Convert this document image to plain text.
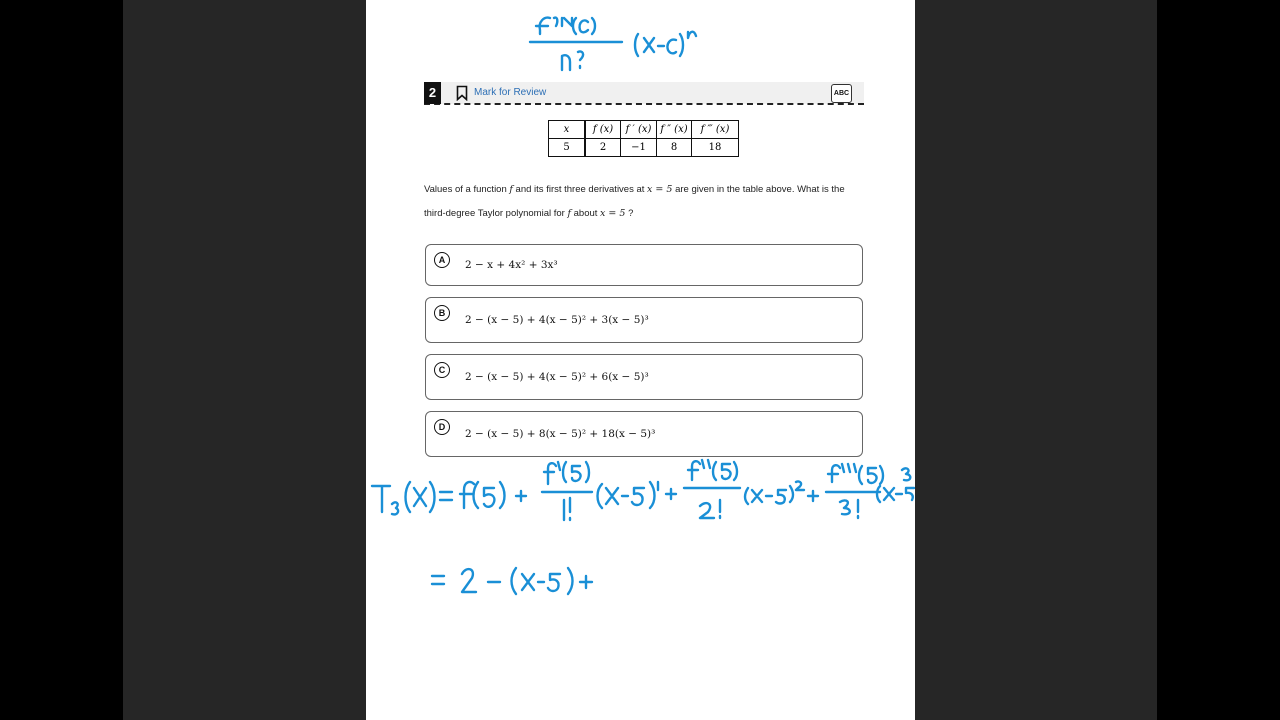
2	Mark for Review	ABC
x	f (x)	f ′ (x)	f ″ (x)	f ‴ (x)
5	2	−1	8	18
Values of a function f and its first three derivatives at x = 5 are given in the table above. What is the
third-degree Taylor polynomial for f about x = 5 ?
A	2 − x + 4x² + 3x³
B
2 − (x − 5) + 4(x − 5)² + 3(x − 5)³
C
2 − (x − 5) + 4(x − 5)² + 6(x − 5)³
D
2 − (x − 5) + 8(x − 5)² + 18(x − 5)³
